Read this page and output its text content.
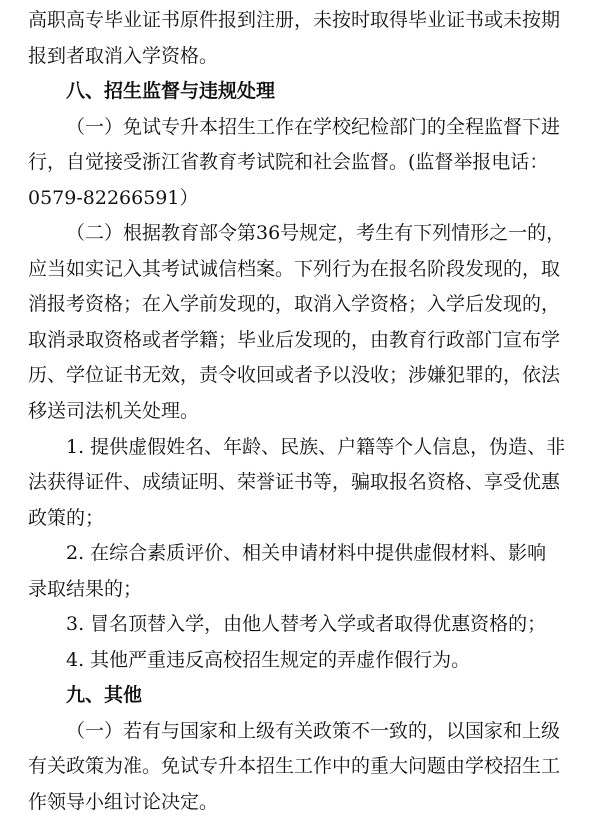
高职高专毕业证书原件报到注册，未按时取得毕业证书或未按期
报到者取消入学资格。
八、招生监督与违规处理
（一）免试专升本招生工作在学校纪检部门的全程监督下进
行，自觉接受浙江省教育考试院和社会监督。(监督举报电话：
0579-82266591）
（二）根据教育部令第36号规定，考生有下列情形之一的，
应当如实记入其考试诚信档案。下列行为在报名阶段发现的，取
消报考资格；在入学前发现的，取消入学资格；入学后发现的，
取消录取资格或者学籍；毕业后发现的，由教育行政部门宣布学
历、学位证书无效，责令收回或者予以没收；涉嫌犯罪的，依法
移送司法机关处理。
1. 提供虚假姓名、年龄、民族、户籍等个人信息，伪造、非
法获得证件、成绩证明、荣誉证书等，骗取报名资格、享受优惠
政策的；
2. 在综合素质评价、相关申请材料中提供虚假材料、影响
录取结果的；
3. 冒名顶替入学，由他人替考入学或者取得优惠资格的；
4. 其他严重违反高校招生规定的弄虚作假行为。
九、其他
（一）若有与国家和上级有关政策不一致的，以国家和上级
有关政策为准。免试专升本招生工作中的重大问题由学校招生工
作领导小组讨论决定。
